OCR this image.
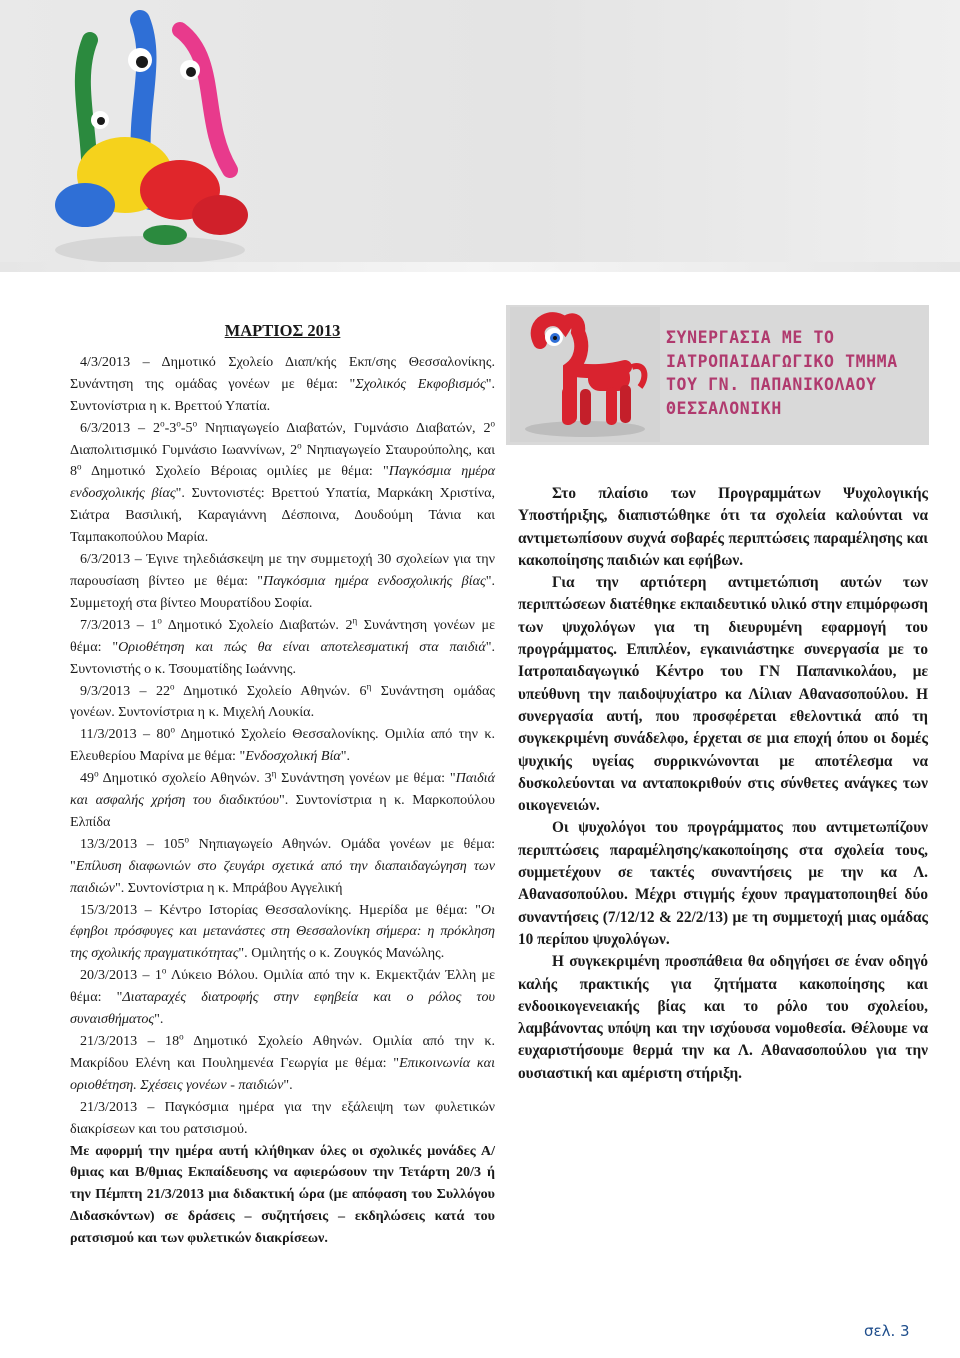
ΜΑΡΤΙΟΣ 2013

4/3/2013 – Δημοτικό Σχολείο Διαπ/κής Εκπ/σης Θεσσαλονίκης. Συνάντηση της ομάδας γονέων με θέμα: "Σχολικός Εκφοβισμός". Συντονίστρια η κ. Βρεττού Υπατία.

$6/3/2013 - 2^o-3^o-5^o$ Νηπιαγωγείο Διαβατών, Γυμνάσιο Διαβατών, $2^o$ Διαπολιτισμικό Γυμνάσιο Ιωαννίνων, $2^o$ Νηπιαγωγείο Σταυρούπολης, και $8^o$ Δημοτικό Σχολείο Βέροιας ομιλίες με θέμα: "Παγκόσμια ημέρα ενδοσχολικής βίας". Συντονιστές: Βρεττού Υπατία, Μαρκάκη Χριστίνα, Σιάτρα Βασιλική, Καραγιάννη Δέσποινα, Δουδούμη Τάνια και Ταμπακοπούλου Μαρία.

6/3/2013 – Έγινε τηλεδιάσκεψη με την συμμετοχή 30 σχολείων για την παρουσίαση βίντεο με θέμα: "Παγκόσμια ημέρα ενδοσχολικής βίας". Συμμετοχή στα βίντεο Μουρατίδου Σοφία.

$7/3/2013 - 1^o$ Δημοτικό Σχολείο Διαβατών. $2^\eta$ Συνάντηση γονέων με θέμα: "Οριοθέτηση και πώς θα είναι αποτελεσματική στα παιδιά". Συντονιστής ο κ. Τσουματίδης Ιωάννης.

$9/3/2013 - 22^o$ Δημοτικό Σχολείο Αθηνών. $6^\eta$ Συνάντηση ομάδας γονέων. Συντονίστρια η κ. Μιχελή Λουκία.

$11/3/2013 - 80^o$ Δημοτικό Σχολείο Θεσσαλονίκης. Ομιλία από την κ. Ελευθερίου Μαρίνα με θέμα: "Ενδοσχολική Βία".

$49^o$ Δημοτικό σχολείο Αθηνών. $3^\eta$ Συνάντηση γονέων με θέμα: "Παιδιά και ασφαλής χρήση του διαδικτύου". Συντονίστρια η κ. Μαρκοπούλου Ελπίδα

$13/3/2013 - 105^o$ Νηπιαγωγείο Αθηνών. Ομάδα γονέων με θέμα: "Επίλυση διαφωνιών στο ζευγάρι σχετικά από την διαπαιδαγώγηση των παιδιών". Συντονίστρια η κ. Μπράβου Αγγελική

15/3/2013 – Κέντρο Ιστορίας Θεσσαλονίκης. Ημερίδα με θέμα: "Οι έφηβοι πρόσφυγες και μετανάστες στη Θεσσαλονίκη σήμερα: η πρόκληση της σχολικής πραγματικότητας". Ομιλητής ο κ. Ζουγκός Μανώλης.

$20/3/2013 - 1^o$ Λύκειο Βόλου. Ομιλία από την κ. Εκμεκτζιάν Έλλη με θέμα: "Διαταραχές διατροφής στην εφηβεία και ο ρόλος του συναισθήματος".

$21/3/2013 - 18^o$ Δημοτικό Σχολείο Αθηνών. Ομιλία από την κ. Μακρίδου Ελένη και Πουλημενέα Γεωργία με θέμα: "Επικοινωνία και οριοθέτηση. Σχέσεις γονέων - παιδιών".

21/3/2013 – Παγκόσμια ημέρα για την εξάλειψη των φυλετικών διακρίσεων και του ρατσισμού.

Με αφορμή την ημέρα αυτή κλήθηκαν όλες οι σχολικές μονάδες Α/θμιας και Β/θμιας Εκπαίδευσης να αφιερώσουν την Τετάρτη 20/3 ή την Πέμπτη 21/3/2013 μια διδακτική ώρα (με απόφαση του Συλλόγου Διδασκόντων) σε δράσεις – συζητήσεις – εκδηλώσεις κατά του ρατσισμού και των φυλετικών διακρίσεων.

ΣΥΝΕΡΓΑΣΙΑ ΜΕ ΤΟ ΙΑΤΡΟΠΑΙΔΑΓΩΓΙΚΟ ΤΜΗΜΑ ΤΟΥ ΓΝ. ΠΑΠΑΝΙΚΟΛΑΟΥ ΘΕΣΣΑΛΟΝΙΚΗ

Στο πλαίσιο των Προγραμμάτων Ψυχολογικής Υποστήριξης, διαπιστώθηκε ότι τα σχολεία καλούνται να αντιμετωπίσουν συχνά σοβαρές περιπτώσεις παραμέλησης και κακοποίησης παιδιών και εφήβων.

Για την αρτιότερη αντιμετώπιση αυτών των περιπτώσεων διατέθηκε εκπαιδευτικό υλικό στην επιμόρφωση των ψυχολόγων για τη διευρυμένη εφαρμογή του προγράμματος. Επιπλέον, εγκαινιάστηκε συνεργασία με το Ιατροπαιδαγωγικό Κέντρο του ΓΝ Παπανικολάου, με υπεύθυνη την παιδοψυχίατρο κα Λίλιαν Αθανασοπούλου. Η συνεργασία αυτή, που προσφέρεται εθελοντικά από τη συγκεκριμένη συνάδελφο, έρχεται σε μια εποχή όπου οι δομές ψυχικής υγείας συρρικνώνονται με αποτέλεσμα να δυσκολεύονται να ανταποκριθούν στις σύνθετες ανάγκες των οικογενειών.

Οι ψυχολόγοι του προγράμματος που αντιμετωπίζουν περιπτώσεις παραμέλησης/κακοποίησης στα σχολεία τους, συμμετέχουν σε τακτές συναντήσεις με την κα Λ. Αθανασοπούλου. Μέχρι στιγμής έχουν πραγματοποιηθεί δύο συναντήσεις (7/12/12 & 22/2/13) με τη συμμετοχή μιας ομάδας 10 περίπου ψυχολόγων.

Η συγκεκριμένη προσπάθεια θα οδηγήσει σε έναν οδηγό καλής πρακτικής για ζητήματα κακοποίησης και ενδοοικογενειακής βίας και το ρόλο του σχολείου, λαμβάνοντας υπόψη και την ισχύουσα νομοθεσία. Θέλουμε να ευχαριστήσουμε θερμά την κα Λ. Αθανασοπούλου για την ουσιαστική και αμέριστη στήριξη.

σελ. 3
